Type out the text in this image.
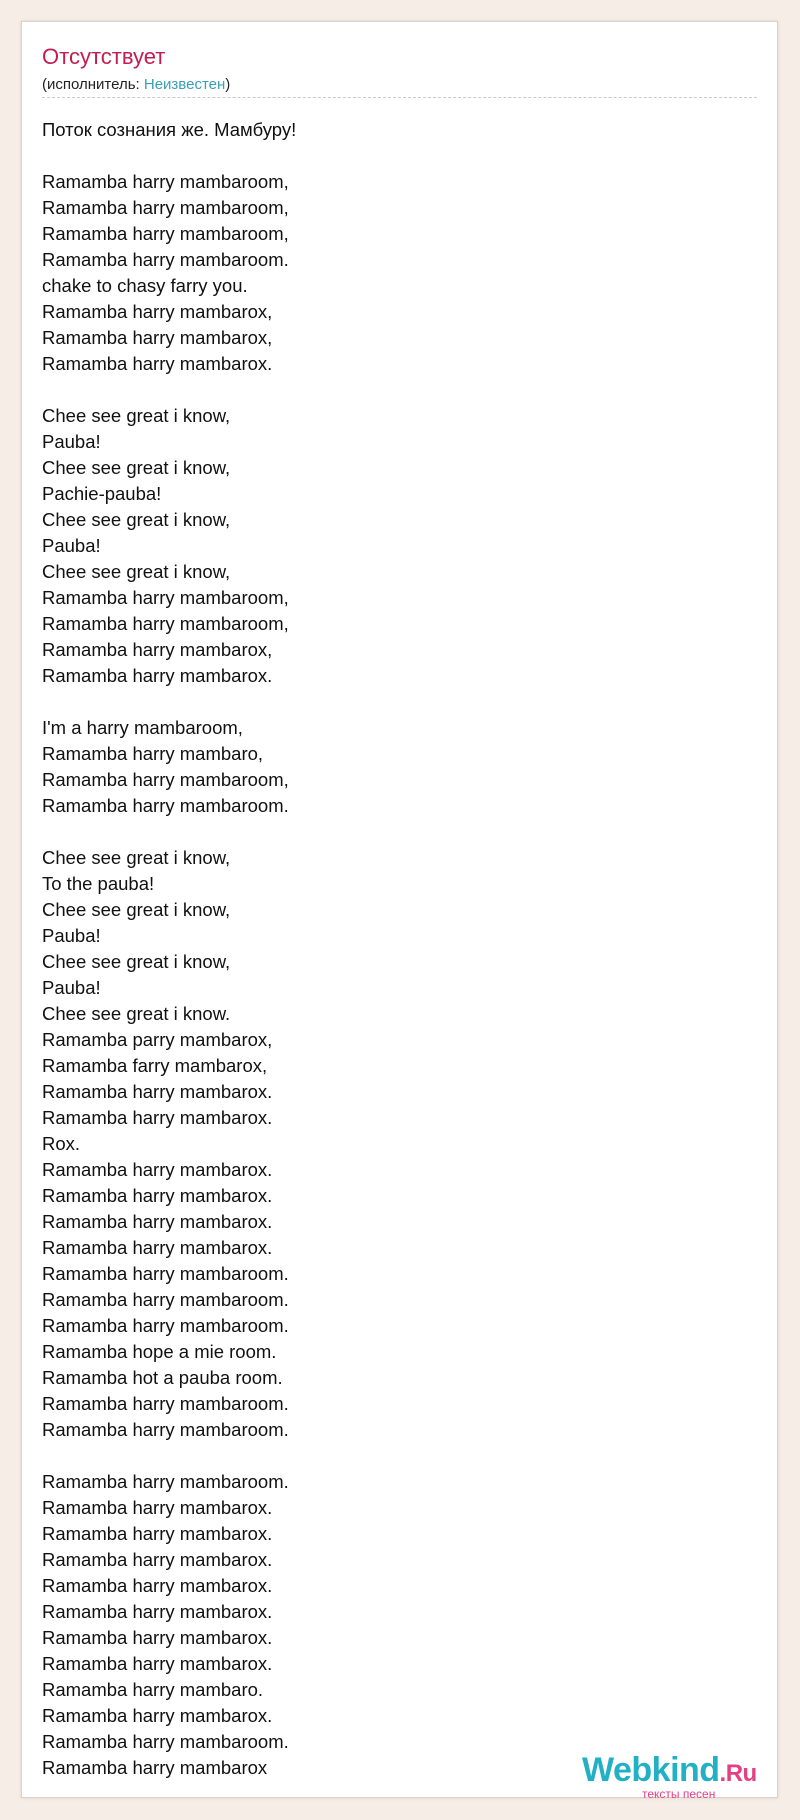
Отсутствует
(исполнитель: Неизвестен)
Поток сознания же. Мамбуру!
Ramamba harry mambaroom,
Ramamba harry mambaroom,
Ramamba harry mambaroom,
Ramamba harry mambaroom.
chake to chasy farry you.
Ramamba harry mambarox,
Ramamba harry mambarox,
Ramamba harry mambarox.
Chee see great i know,
Pauba!
Chee see great i know,
Pachie-pauba!
Chee see great i know,
Pauba!
Chee see great i know,
Ramamba harry mambaroom,
Ramamba harry mambaroom,
Ramamba harry mambarox,
Ramamba harry mambarox.
I'm a harry mambaroom,
Ramamba harry mambaro,
Ramamba harry mambaroom,
Ramamba harry mambaroom.
Chee see great i know,
To the pauba!
Chee see great i know,
Pauba!
Chee see great i know,
Pauba!
Chee see great i know.
Ramamba parry mambarox,
Ramamba farry mambarox,
Ramamba harry mambarox.
Ramamba harry mambarox.
Rox.
Ramamba harry mambarox.
Ramamba harry mambarox.
Ramamba harry mambarox.
Ramamba harry mambarox.
Ramamba harry mambaroom.
Ramamba harry mambaroom.
Ramamba harry mambaroom.
Ramamba hope a mie room.
Ramamba hot a pauba room.
Ramamba harry mambaroom.
Ramamba harry mambaroom.
Ramamba harry mambaroom.
Ramamba harry mambarox.
Ramamba harry mambarox.
Ramamba harry mambarox.
Ramamba harry mambarox.
Ramamba harry mambarox.
Ramamba harry mambarox.
Ramamba harry mambarox.
Ramamba harry mambaro.
Ramamba harry mambarox.
Ramamba harry mambaroom.
Ramamba harry mambarox	Webkind.Ru
тексты песен
